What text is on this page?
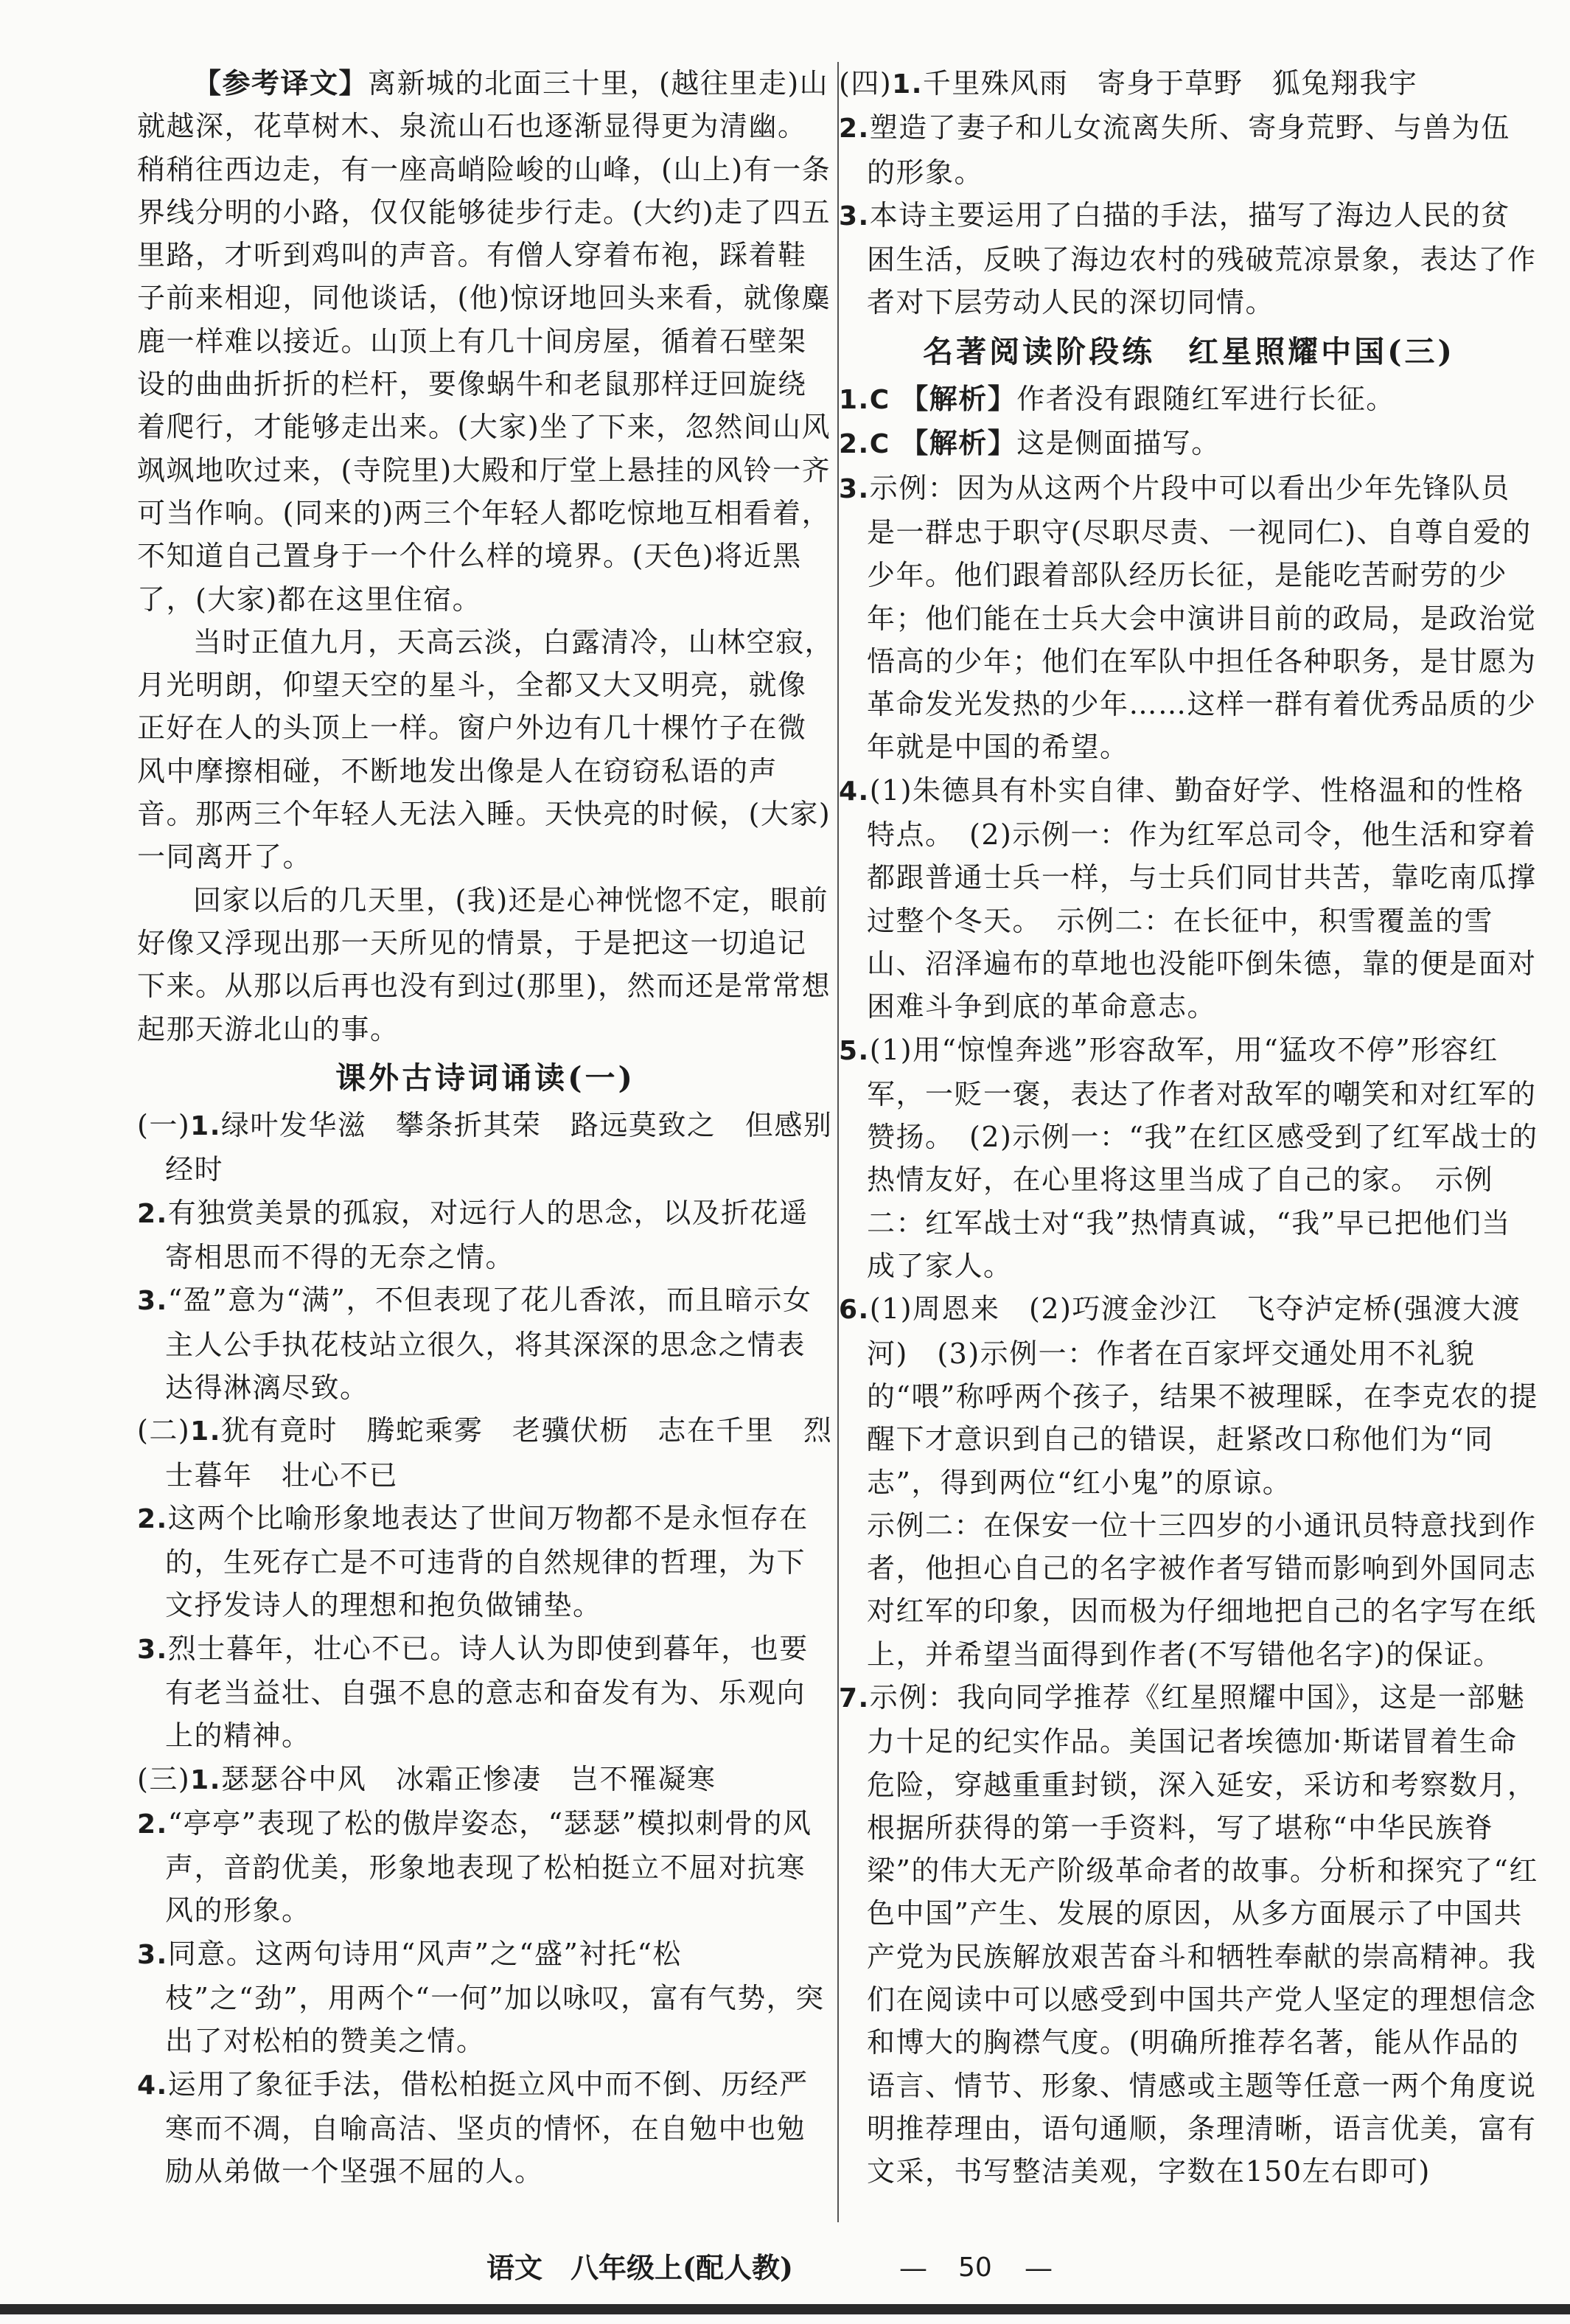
【参考译文】离新城的北面三十里，(越往里走)山就越深，花草树木、泉流山石也逐渐显得更为清幽。稍稍往西边走，有一座高峭险峻的山峰，(山上)有一条界线分明的小路，仅仅能够徒步行走。(大约)走了四五里路，才听到鸡叫的声音。有僧人穿着布袍，踩着鞋子前来相迎，同他谈话，(他)惊讶地回头来看，就像麋鹿一样难以接近。山顶上有几十间房屋，循着石壁架设的曲曲折折的栏杆，要像蜗牛和老鼠那样迂回旋绕着爬行，才能够走出来。(大家)坐了下来，忽然间山风飒飒地吹过来，(寺院里)大殿和厅堂上悬挂的风铃一齐可当作响。(同来的)两三个年轻人都吃惊地互相看着，不知道自己置身于一个什么样的境界。(天色)将近黑了，(大家)都在这里住宿。

当时正值九月，天高云淡，白露清冷，山林空寂，月光明朗，仰望天空的星斗，全都又大又明亮，就像正好在人的头顶上一样。窗户外边有几十棵竹子在微风中摩擦相碰，不断地发出像是人在窃窃私语的声音。那两三个年轻人无法入睡。天快亮的时候，(大家)一同离开了。

回家以后的几天里，(我)还是心神恍惚不定，眼前好像又浮现出那一天所见的情景，于是把这一切追记下来。从那以后再也没有到过(那里)，然而还是常常想起那天游北山的事。

课外古诗词诵读(一)

(一)1.绿叶发华滋　攀条折其荣　路远莫致之　但感别经时

2.有独赏美景的孤寂，对远行人的思念，以及折花遥寄相思而不得的无奈之情。

3.“盈”意为“满”，不但表现了花儿香浓，而且暗示女主人公手执花枝站立很久，将其深深的思念之情表达得淋漓尽致。

(二)1.犹有竟时　腾蛇乘雾　老骥伏枥　志在千里　烈士暮年　壮心不已

2.这两个比喻形象地表达了世间万物都不是永恒存在的，生死存亡是不可违背的自然规律的哲理，为下文抒发诗人的理想和抱负做铺垫。

3.烈士暮年，壮心不已。诗人认为即使到暮年，也要有老当益壮、自强不息的意志和奋发有为、乐观向上的精神。

(三)1.瑟瑟谷中风　冰霜正惨凄　岂不罹凝寒

2.“亭亭”表现了松的傲岸姿态，“瑟瑟”模拟刺骨的风声，音韵优美，形象地表现了松柏挺立不屈对抗寒风的形象。

3.同意。这两句诗用“风声”之“盛”衬托“松枝”之“劲”，用两个“一何”加以咏叹，富有气势，突出了对松柏的赞美之情。

4.运用了象征手法，借松柏挺立风中而不倒、历经严寒而不凋，自喻高洁、坚贞的情怀，在自勉中也勉励从弟做一个坚强不屈的人。

(四)1.千里殊风雨　寄身于草野　狐兔翔我宇

2.塑造了妻子和儿女流离失所、寄身荒野、与兽为伍的形象。

3.本诗主要运用了白描的手法，描写了海边人民的贫困生活，反映了海边农村的残破荒凉景象，表达了作者对下层劳动人民的深切同情。

名著阅读阶段练　红星照耀中国(三)

1.C 【解析】作者没有跟随红军进行长征。

2.C 【解析】这是侧面描写。

3.示例：因为从这两个片段中可以看出少年先锋队员是一群忠于职守(尽职尽责、一视同仁)、自尊自爱的少年。他们跟着部队经历长征，是能吃苦耐劳的少年；他们能在士兵大会中演讲目前的政局，是政治觉悟高的少年；他们在军队中担任各种职务，是甘愿为革命发光发热的少年……这样一群有着优秀品质的少年就是中国的希望。

4.(1)朱德具有朴实自律、勤奋好学、性格温和的性格特点。　(2)示例一：作为红军总司令，他生活和穿着都跟普通士兵一样，与士兵们同甘共苦，靠吃南瓜撑过整个冬天。　示例二：在长征中，积雪覆盖的雪山、沼泽遍布的草地也没能吓倒朱德，靠的便是面对困难斗争到底的革命意志。

5.(1)用“惊惶奔逃”形容敌军，用“猛攻不停”形容红军，一贬一褒，表达了作者对敌军的嘲笑和对红军的赞扬。　(2)示例一：“我”在红区感受到了红军战士的热情友好，在心里将这里当成了自己的家。　示例二：红军战士对“我”热情真诚，“我”早已把他们当成了家人。

6.(1)周恩来　(2)巧渡金沙江　飞夺泸定桥(强渡大渡河)　(3)示例一：作者在百家坪交通处用不礼貌的“喂”称呼两个孩子，结果不被理睬，在李克农的提醒下才意识到自己的错误，赶紧改口称他们为“同志”，得到两位“红小鬼”的原谅。

示例二：在保安一位十三四岁的小通讯员特意找到作者，他担心自己的名字被作者写错而影响到外国同志对红军的印象，因而极为仔细地把自己的名字写在纸上，并希望当面得到作者(不写错他名字)的保证。

7.示例：我向同学推荐《红星照耀中国》，这是一部魅力十足的纪实作品。美国记者埃德加·斯诺冒着生命危险，穿越重重封锁，深入延安，采访和考察数月，根据所获得的第一手资料，写了堪称“中华民族脊梁”的伟大无产阶级革命者的故事。分析和探究了“红色中国”产生、发展的原因，从多方面展示了中国共产党为民族解放艰苦奋斗和牺牲奉献的崇高精神。我们在阅读中可以感受到中国共产党人坚定的理想信念和博大的胸襟气度。(明确所推荐名著，能从作品的语言、情节、形象、情感或主题等任意一两个角度说明推荐理由，语句通顺，条理清晰，语言优美，富有文采，书写整洁美观，字数在150左右即可)

语文　八年级上(配人教)	— 50 —
